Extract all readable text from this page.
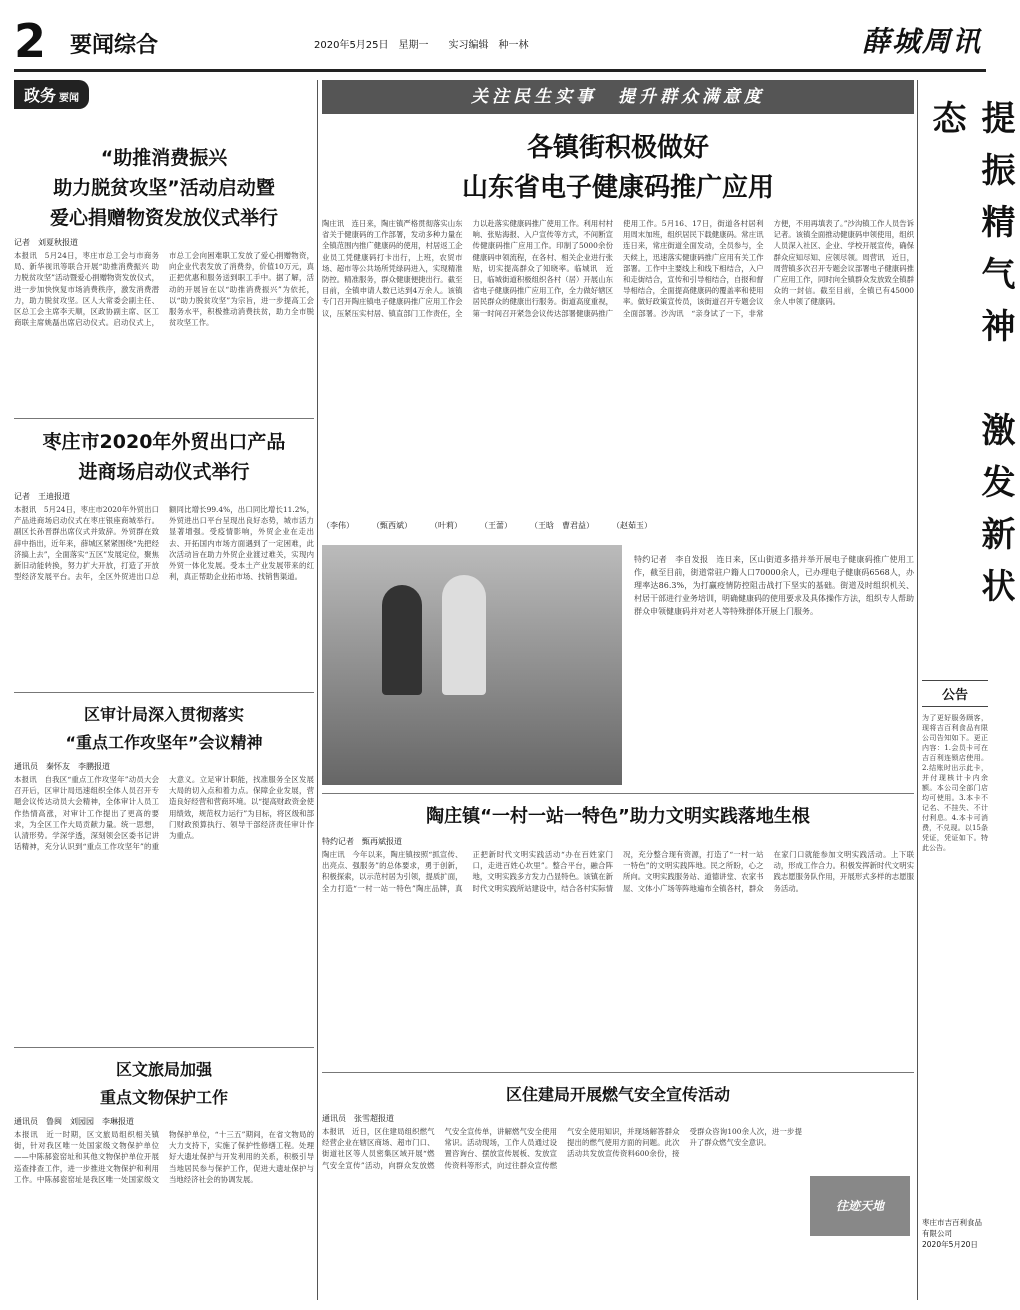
2 要闻综合	2020年5月25日　星期一　　实习编辑　种一林	薛城周讯
政务 要闻
“助推消费振兴
助力脱贫攻坚”活动启动暨
爱心捐赠物资发放仪式举行
记者　刘夏秋报道
本报讯　5月24日，枣庄市总工会与市商务局、新华视讯等联合开展“助推消费振兴 助力脱贫攻坚”活动暨爱心捐赠物资发放仪式，进一步加快恢复市场消费秩序，激发消费潜力，助力脱贫攻坚。区人大常委会副主任、区总工会主席李天顺，区政协副主席、区工商联主席姚磊出席启动仪式。启动仪式上，市总工会向困难职工发放了爱心捐赠物资，向企业代表发放了消费券，价值10万元，真正把优惠和服务送到职工手中。据了解，活动的开展旨在以“助推消费振兴”为依托，以“助力脱贫攻坚”为宗旨，进一步提高工会服务水平，积极推动消费扶贫，助力全市脱贫攻坚工作。
枣庄市2020年外贸出口产品
进商场启动仪式举行
记者　王迪报道
本报讯　5月24日，枣庄市2020年外贸出口产品进商场启动仪式在枣庄银座商城举行。副区长孙晋群出席仪式并致辞。外贸群在致辞中指出，近年来，薛城区紧紧围绕“先把经济搞上去”，全面落实“五区”发展定位，聚焦新旧动能转换，努力扩大开放，打造了开放型经济发展平台。去年，全区外贸进出口总额同比增长99.4%，出口同比增长11.2%，外贸进出口平台呈现出良好态势，城市活力显著增强。受疫情影响，外贸企业在走出去、开拓国内市场方面遇到了一定困难，此次活动旨在助力外贸企业渡过难关，实现内外贸一体化发展。受本土产业发展带来的红利，真正帮助企业拓市场、找销售渠道。
区审计局深入贯彻落实
“重点工作攻坚年”会议精神
通讯员　秦怀友　李鹏报道
本报讯　自我区“重点工作攻坚年”动员大会召开后，区审计局迅速组织全体人员召开专题会议传达动员大会精神，全体审计人员工作热情高涨，对审计工作提出了更高的要求，为全区工作大局贡献力量。统一思想，认清形势。学深学透，深刻领会区委书记讲话精神，充分认识到“重点工作攻坚年”的重大意义。立足审计职能，找准服务全区发展大局的切入点和着力点。保障企业发展，营造良好经营和营商环境。以“提高财政资金使用绩效，规范权力运行”为目标，将区级和部门财政预算执行、领导干部经济责任审计作为重点。
区文旅局加强
重点文物保护工作
通讯员　鲁闽　刘园园　李琳报道
本报讯　近一时期，区文旅局组织相关镇街，针对我区唯一处国家级文物保护单位——中陈郝瓷窑址和其他文物保护单位开展巡查排查工作，进一步推进文物保护和利用工作。中陈郝瓷窑址是我区唯一处国家级文物保护单位，“十三五”期间，在省文物局的大力支持下，实施了保护性修缮工程。处理好大遗址保护与开发利用的关系，积极引导当地居民参与保护工作，促进大遗址保护与当地经济社会的协调发展。
关注民生实事　提升群众满意度
各镇街积极做好
山东省电子健康码推广应用
陶庄讯　连日来，陶庄镇严格贯彻落实山东省关于健康码的工作部署，发动多种力量在全镇范围内推广健康码的使用，村居返工企业员工凭健康码打卡出行，上班，农贸市场、超市等公共场所凭绿码进入，实现精准防控。精准服务，群众健康便捷出行。截至目前，全镇申请人数已达到4万余人。该镇专门召开陶庄镇电子健康码推广应用工作会议，压紧压实村居、镇直部门工作责任，全力以赴落实健康码推广使用工作。利用村村响、张贴海报、入户宣传等方式，不间断宣传健康码推广应用工作。印制了5000余份健康码申领流程，在各村、相关企业进行张贴，切实提高群众了知晓率。临城讯　近日，临城街道积极组织各村（居）开展山东省电子健康码推广应用工作，全力做好辖区居民群众的健康出行服务。街道高度重视，第一时间召开紧急会议传达部署健康码推广使用工作。5月16、17日，街道各村居利用周末加班，组织居民下载健康码。常庄讯　连日来，常庄街道全面发动，全员参与，全天候上，迅速落实健康码推广应用有关工作部署。工作中主要线上和线下相结合，入户和走街结合，宣传和引导相结合，自报和督导相结合，全面提高健康码的覆盖率和使用率。做好政策宣传员，该街道召开专题会议全面部署。沙沟讯　“亲身试了一下，非常方便，不用再填表了。”沙沟镇工作人员告诉记者。该镇全面推动健康码申领使用，组织人员深入社区、企业、学校开展宣传，确保群众应知尽知、应领尽领。周营讯　近日，周营镇多次召开专题会议部署电子健康码推广应用工作，同时向全镇群众发放致全镇群众的一封信。截至目前，全镇已有45000余人申领了健康码。
（李伟） （甄西斌） （叶莉） （王蕾） （王晗　曹君益） （赵茹玉）
特约记者　李自发报　连日来，区山街道多措并举开展电子健康码推广使用工作，截至目前，街道常驻户籍人口70000余人，已办理电子健康码6568人，办理率达86.3%，为打赢疫情防控阻击战打下坚实的基础。街道及时组织机关、村居干部进行业务培训，明确健康码的使用要求及具体操作方法，组织专人帮助群众申领健康码并对老人等特殊群体开展上门服务。
陶庄镇“一村一站一特色”助力文明实践落地生根
特约记者　甄再斌报道
陶庄讯　今年以来，陶庄镇按照“抓宣传、出亮点、强服务”的总体要求，勇于创新，积极探索，以示范村居为引领，提质扩面，全力打造“一村一站一特色”陶庄品牌，真正把新时代文明实践活动“办在百姓家门口，走进百姓心坎里”。整合平台，融合阵地，文明实践多方发力凸显特色。该镇在新时代文明实践所站建设中，结合各村实际情况，充分整合现有资源，打造了“一村一站一特色”的文明实践阵地。民之所盼，心之所向。文明实践服务站、道德讲堂、农家书屋、文体小广场等阵地遍布全镇各村，群众在家门口就能参加文明实践活动。上下联动，形成工作合力。积极发挥新时代文明实践志愿服务队作用，开展形式多样的志愿服务活动。
区住建局开展燃气安全宣传活动
通讯员　张雪超报道
本报讯　近日，区住建局组织燃气经营企业在辖区商场、超市门口、街道社区等人员密集区域开展“燃气安全宣传”活动，向群众发放燃气安全宣传单，讲解燃气安全使用常识。活动现场，工作人员通过设置咨询台、摆放宣传展板、发放宣传资料等形式，向过往群众宣传燃气安全使用知识，并现场解答群众提出的燃气使用方面的问题。此次活动共发放宣传资料600余份，接受群众咨询100余人次，进一步提升了群众燃气安全意识。
往迹天地
提振精气神　激发新状态
公告
为了更好服务顾客，现将吉百利食品有限公司告知如下。更正内容：1.会员卡可在吉百利连锁店使用。2.结账时出示此卡，并付现核计卡内余额。本公司全部门店均可使用。3.本卡不记名、不挂失、不计付利息。4.本卡可消费，不兑现。以15条凭证，凭证如下。特此公告。
枣庄市吉百利食品有限公司
2020年5月20日
